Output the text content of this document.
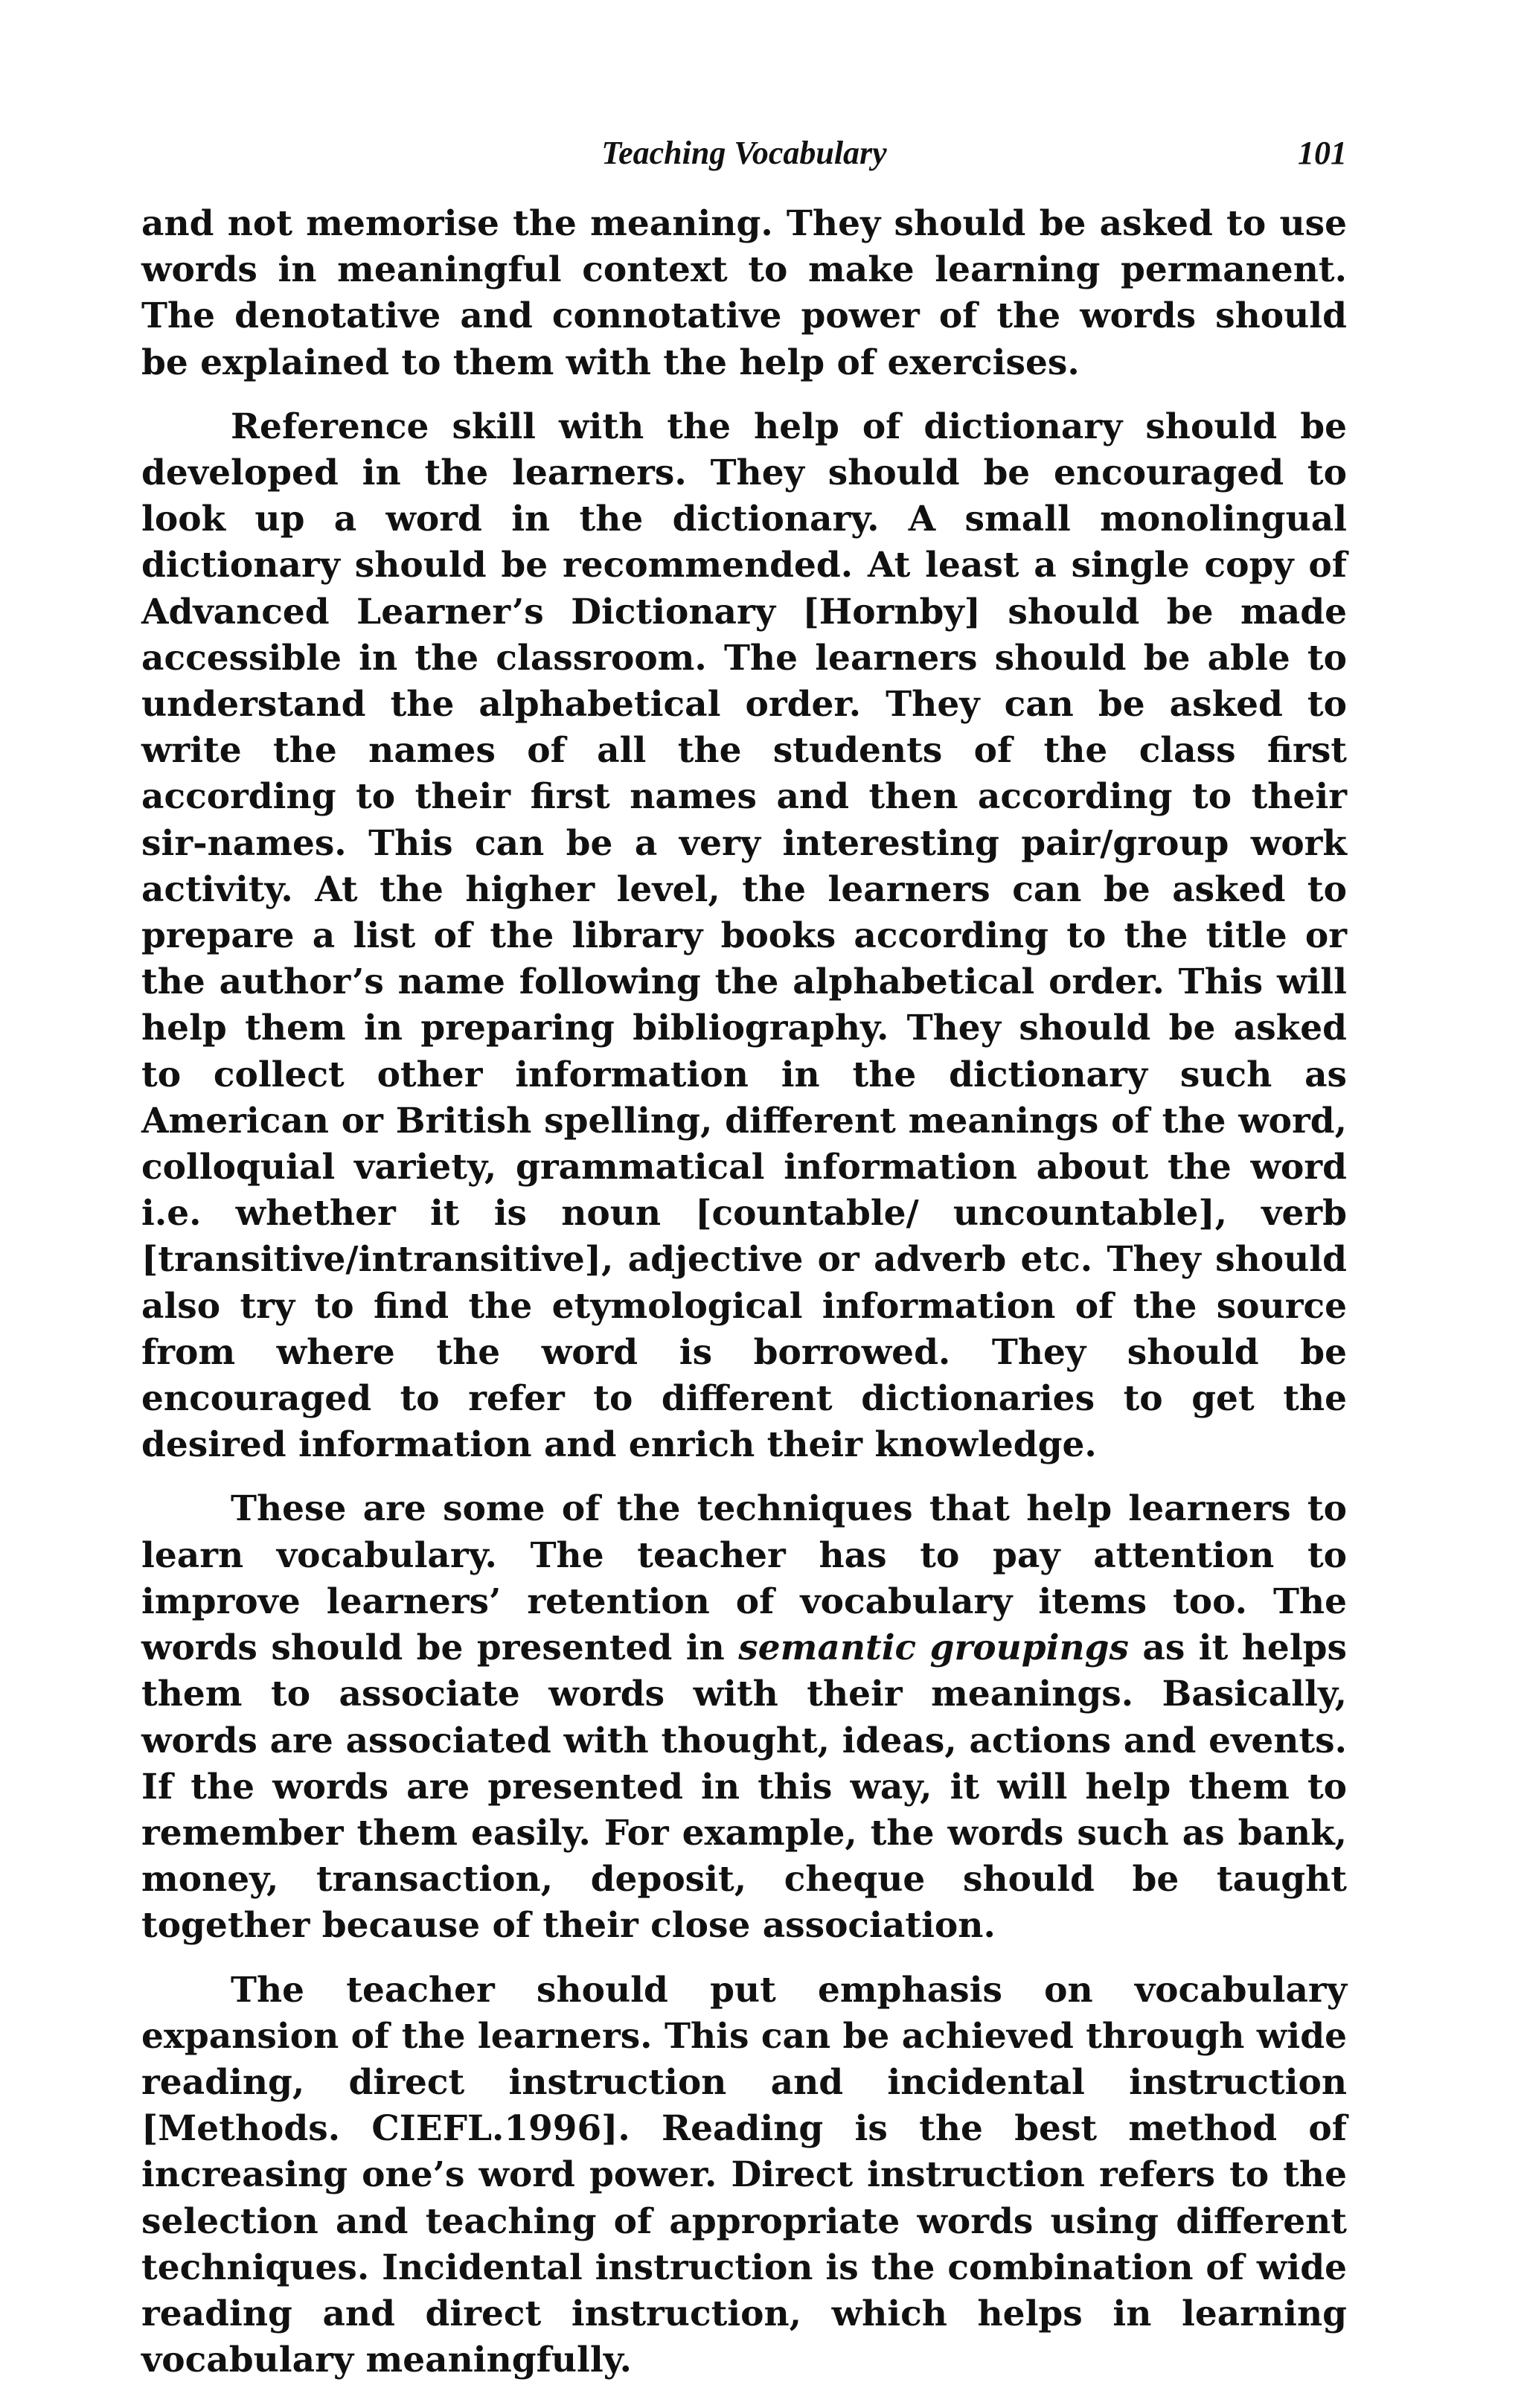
Teaching Vocabulary	101

and not memorise the meaning. They should be asked to use words in meaningful context to make learning permanent. The denotative and connotative power of the words should be explained to them with the help of exercises.

Reference skill with the help of dictionary should be developed in the learners. They should be encouraged to look up a word in the dictionary. A small monolingual dictionary should be recommended. At least a single copy of Advanced Learner’s Dictionary [Hornby] should be made accessible in the classroom. The learners should be able to understand the alphabetical order. They can be asked to write the names of all the students of the class first according to their first names and then according to their sir-names. This can be a very interesting pair/group work activity. At the higher level, the learners can be asked to prepare a list of the library books according to the title or the author’s name following the alphabetical order. This will help them in preparing bibliography. They should be asked to collect other information in the dictionary such as American or British spelling, different meanings of the word, colloquial variety, grammatical information about the word i.e. whether it is noun [countable/ uncountable], verb [transitive/intransitive], adjective or adverb etc. They should also try to find the etymological information of the source from where the word is borrowed. They should be encouraged to refer to different dictionaries to get the desired information and enrich their knowledge.

These are some of the techniques that help learners to learn vocabulary. The teacher has to pay attention to improve learners’ retention of vocabulary items too. The words should be presented in semantic groupings as it helps them to associate words with their meanings. Basically, words are associated with thought, ideas, actions and events. If the words are presented in this way, it will help them to remember them easily. For example, the words such as bank, money, transaction, deposit, cheque should be taught together because of their close association.

The teacher should put emphasis on vocabulary expansion of the learners. This can be achieved through wide reading, direct instruction and incidental instruction [Methods. CIEFL.1996]. Reading is the best method of increasing one’s word power. Direct instruction refers to the selection and teaching of appropriate words using different techniques. Incidental instruction is the combination of wide reading and direct instruction, which helps in learning vocabulary meaningfully.
